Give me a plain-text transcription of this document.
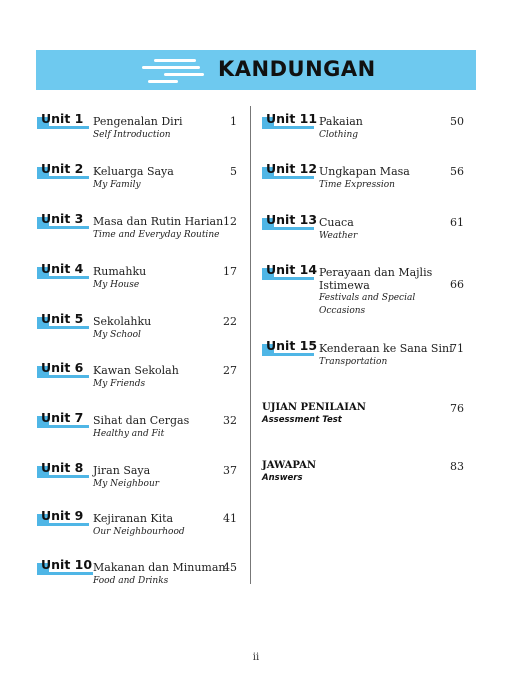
KANDUNGAN
Unit 1 Pengenalan Diri
Self Introduction
1
Unit 2 Keluarga Saya
My Family
5
Unit 3 Masa dan Rutin Harian
Time and Everyday Routine
12
Unit 4 Rumahku
My House
17
Unit 5 Sekolahku
My School
22
Unit 6 Kawan Sekolah
My Friends
27
Unit 7 Sihat dan Cergas
Healthy and Fit
32
Unit 8 Jiran Saya
My Neighbour
37
Unit 9 Kejiranan Kita
Our Neighbourhood
41
Unit 10 Makanan dan Minuman
Food and Drinks
45
Unit 11 Pakaian
Clothing
50
Unit 12 Ungkapan Masa
Time Expression
56
Unit 13 Cuaca
Weather
61
Unit 14 Perayaan dan Majlis
Istimewa
Festivals and Special
Occasions
66
Unit 15 Kenderaan ke Sana Sini
Transportation
71
UJIAN PENILAIAN
Assessment Test
76
JAWAPAN
Answers
83
ii
